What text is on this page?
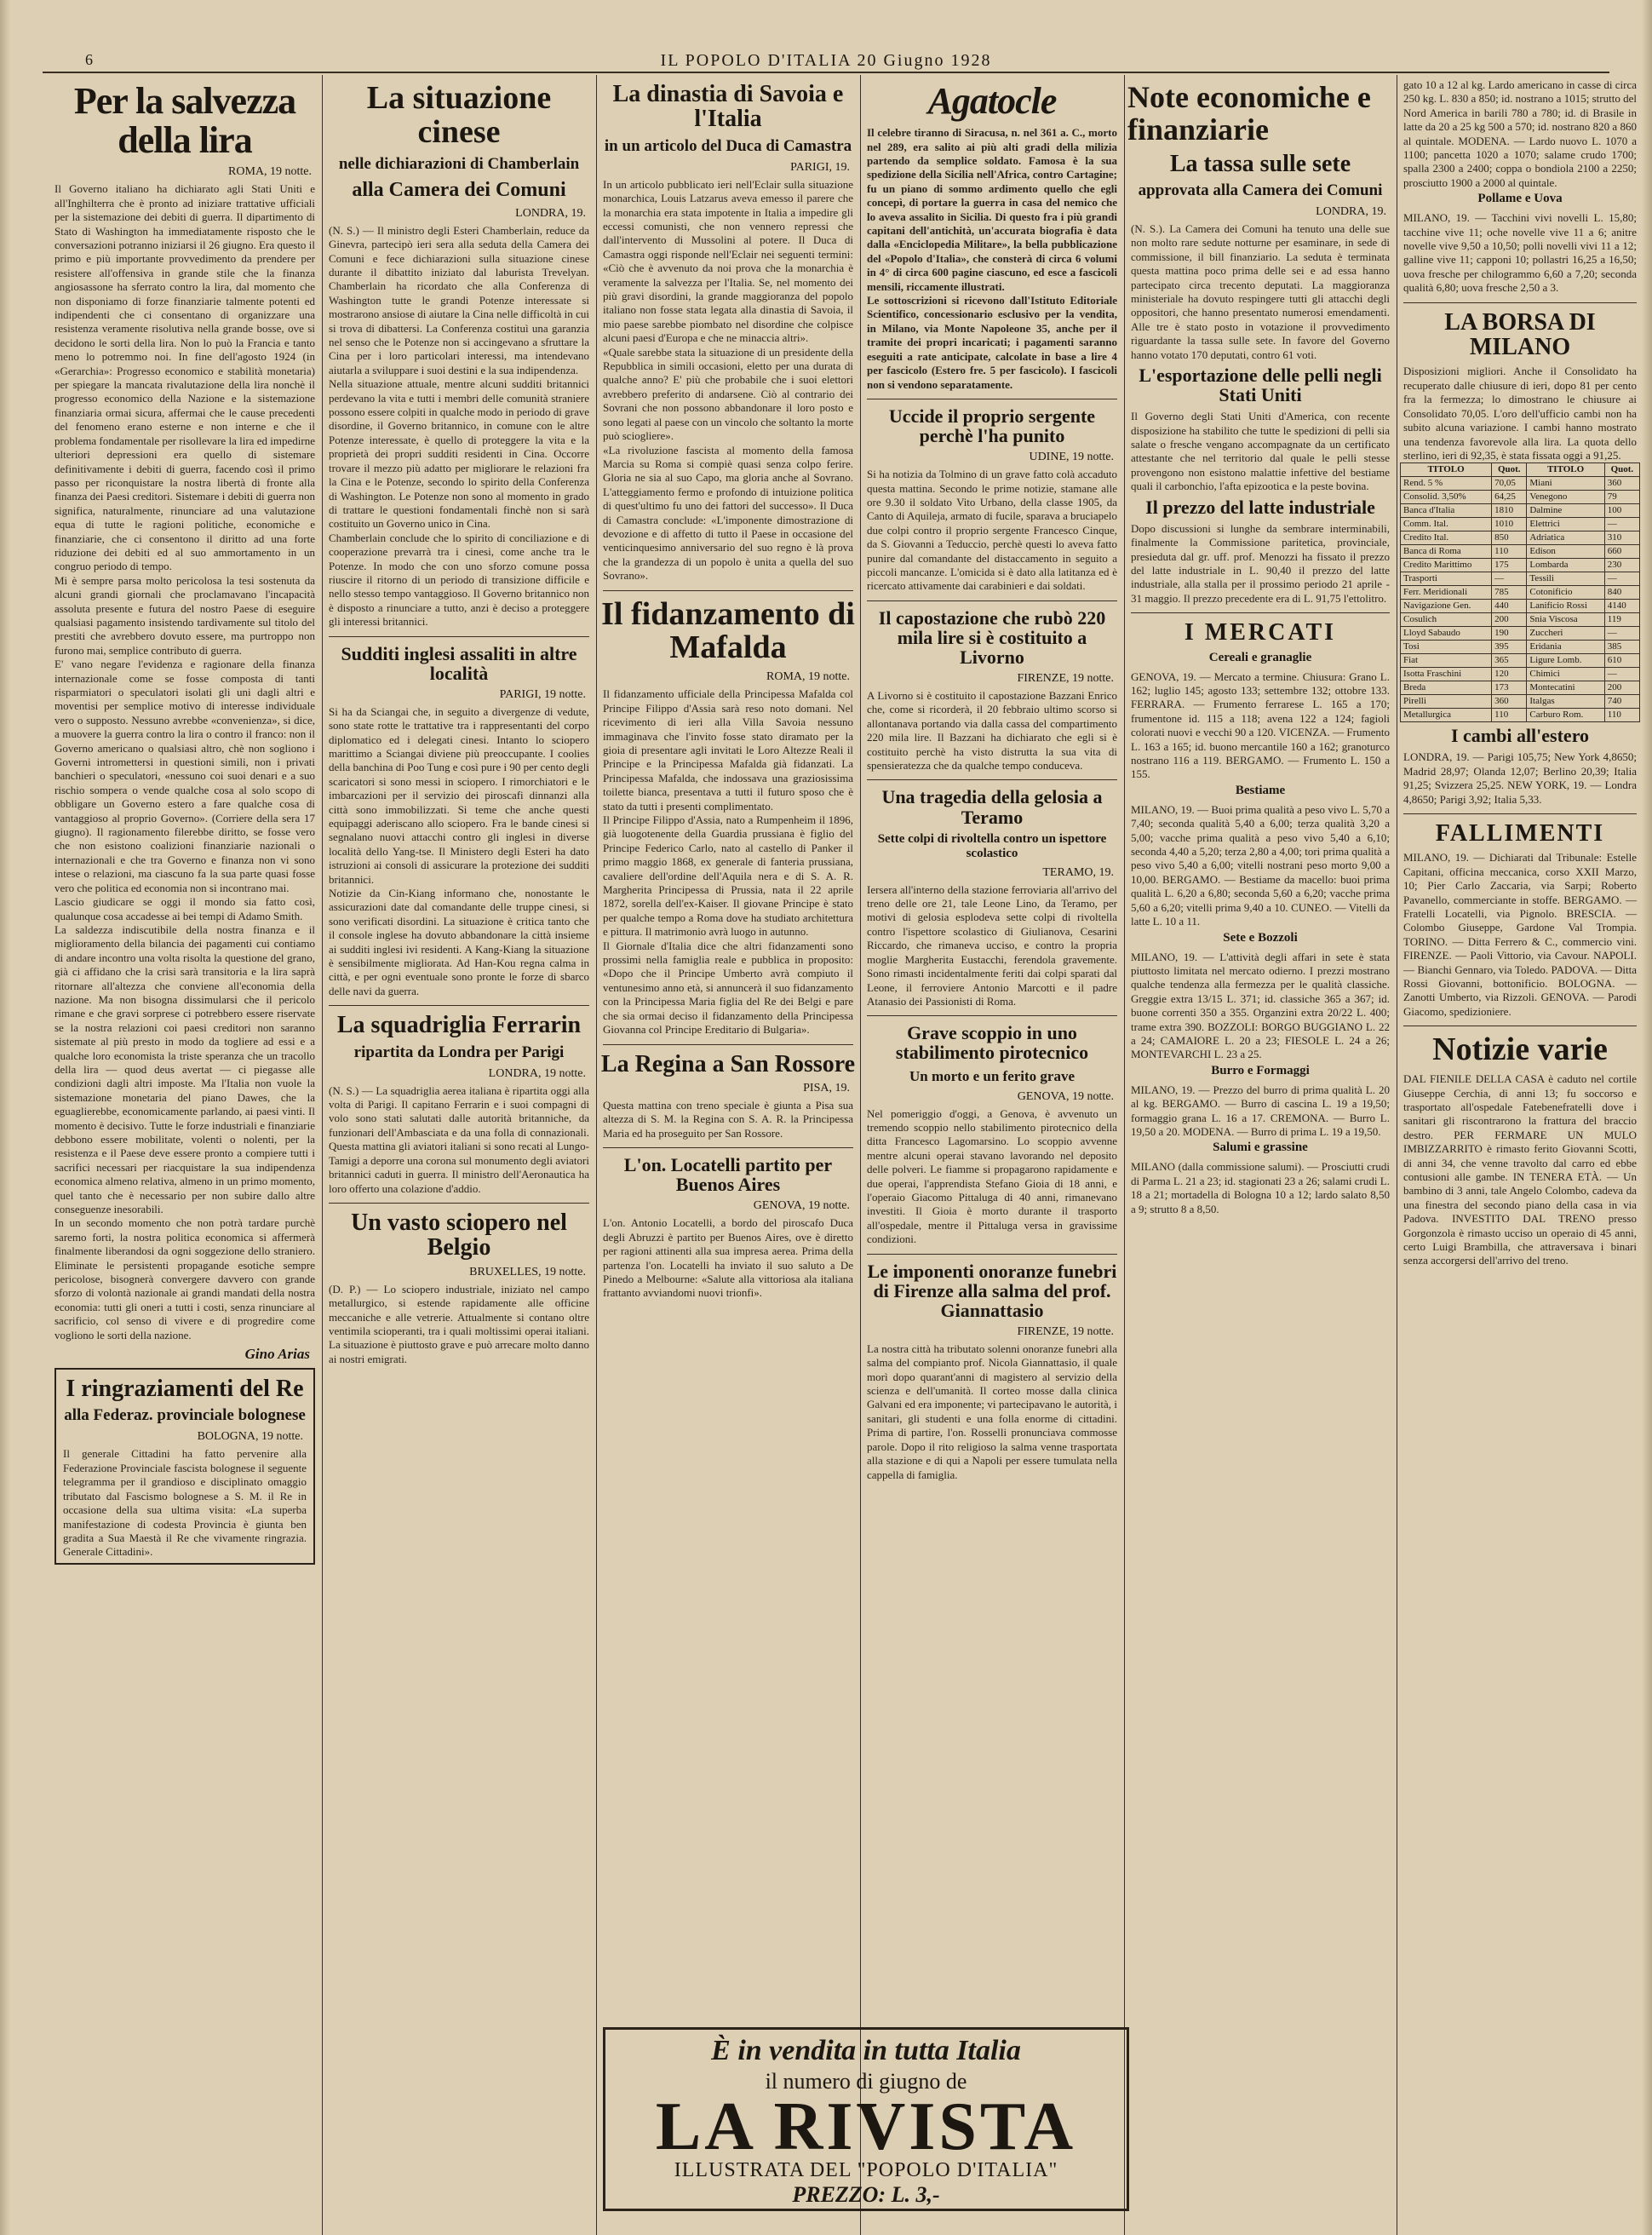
6	IL POPOLO D'ITALIA 20 Giugno 1928
Per la salvezza della lira
ROMA, 19 notte.

Il Governo italiano ha dichiarato agli Stati Uniti e all'Inghilterra che è pronto ad iniziare trattative ufficiali per la sistemazione dei debiti di guerra. Il dipartimento di Stato di Washington ha immediatamente risposto che le conversazioni potranno iniziarsi il 26 giugno. Era questo il primo e più importante provvedimento da prendere per resistere all'offensiva in grande stile che la finanza angiosassone ha sferrato contro la lira, dal momento che non disponiamo di forze finanziarie talmente potenti ed indipendenti che ci consentano di organizzare una resistenza veramente risolutiva nella grande bosse, ove si decidono le sorti della lira. Non lo può la Francia e tanto meno lo potremmo noi. In fine dell'agosto 1924 (in «Gerarchia»: Progresso economico e stabilità monetaria) per spiegare la mancata rivalutazione della lira nonchè il progresso economico della Nazione e la sistemazione finanziaria ormai sicura, affermai che le cause precedenti del fenomeno erano esterne e non interne e che il problema fondamentale per risollevare la lira ed impedirne ulteriori depressioni era quello di sistemare definitivamente i debiti di guerra, facendo così il primo passo per riconquistare la nostra libertà di fronte alla finanza dei Paesi creditori. Sistemare i debiti di guerra non significa, naturalmente, rinunciare ad una valutazione equa di tutte le ragioni politiche, economiche e finanziarie, che ci consentono il diritto ad una forte riduzione dei debiti ed al suo ammortamento in un congruo periodo di tempo.

Mi è sempre parsa molto pericolosa la tesi sostenuta da alcuni grandi giornali che proclamavano l'incapacità assoluta presente e futura del nostro Paese di eseguire qualsiasi pagamento insistendo tardivamente sul titolo del prestiti che avrebbero dovuto essere, ma purtroppo non furono mai, semplice contributo di guerra.

E' vano negare l'evidenza e ragionare della finanza internazionale come se fosse composta di tanti risparmiatori o speculatori isolati gli uni dagli altri e moventisi per semplice motivo di interesse individuale vero o supposto. Nessuno avrebbe «convenienza», si dice, a muovere la guerra contro la lira o contro il franco: non il Governo americano o qualsiasi altro, chè non sogliono i Governi intromettersi in questioni simili, non i privati banchieri o speculatori, «nessuno coi suoi denari e a suo rischio sompera o vende qualche cosa al solo scopo di obbligare un Governo estero a fare qualche cosa di vantaggioso al proprio Governo». (Corriere della sera 17 giugno). Il ragionamento filerebbe diritto, se fosse vero che non esistono coalizioni finanziarie nazionali o internazionali e che tra Governo e finanza non vi sono intese o relazioni, ma ciascuno fa la sua parte quasi fosse vero che politica ed economia non si incontrano mai.

Lascio giudicare se oggi il mondo sia fatto così, qualunque cosa accadesse ai bei tempi di Adamo Smith.

La saldezza indiscutibile della nostra finanza e il miglioramento della bilancia dei pagamenti cui contiamo di andare incontro una volta risolta la questione del grano, già ci affidano che la crisi sarà transitoria e la lira saprà ritornare all'altezza che conviene all'economia della nazione. Ma non bisogna dissimularsi che il pericolo rimane e che gravi sorprese ci potrebbero essere riservate se la nostra relazioni coi paesi creditori non saranno sistemate al più presto in modo da togliere ad essi e a qualche loro economista la triste speranza che un tracollo della lira — quod deus avertat — ci piegasse alle condizioni dagli altri imposte. Ma l'Italia non vuole la sistemazione monetaria del piano Dawes, che la eguaglierebbe, economicamente parlando, ai paesi vinti. Il momento è decisivo. Tutte le forze industriali e finanziarie debbono essere mobilitate, volenti o nolenti, per la resistenza e il Paese deve essere pronto a compiere tutti i sacrifici necessari per riacquistare la sua indipendenza economica almeno relativa, almeno in un primo momento, quel tanto che è necessario per non subire dallo altre conseguenze inesorabili.

In un secondo momento che non potrà tardare purchè saremo forti, la nostra politica economica si affermerà finalmente liberandosi da ogni soggezione dello straniero. Eliminate le persistenti propagande esotiche sempre pericolose, bisognerà convergere davvero con grande sforzo di volontà nazionale ai grandi mandati della nostra economia: tutti gli oneri a tutti i costi, senza rinunciare al sacrificio, col senso di vivere e di progredire come vogliono le sorti della nazione.

Gino Arias
I ringraziamenti del Re
alla Federaz. provinciale bolognese
BOLOGNA, 19 notte.

Il generale Cittadini ha fatto pervenire alla Federazione Provinciale fascista bolognese il seguente telegramma per il grandioso e disciplinato omaggio tributato dal Fascismo bolognese a S. M. il Re in occasione della sua ultima visita: «La superba manifestazione di codesta Provincia è giunta ben gradita a Sua Maestà il Re che vivamente ringrazia. Generale Cittadini».

La situazione cinese
nelle dichiarazioni di Chamberlain
alla Camera dei Comuni
LONDRA, 19.

(N. S.) — Il ministro degli Esteri Chamberlain, reduce da Ginevra, partecipò ieri sera alla seduta della Camera dei Comuni e fece dichiarazioni sulla situazione cinese durante il dibattito iniziato dal laburista Trevelyan. Chamberlain ha ricordato che alla Conferenza di Washington tutte le grandi Potenze interessate si mostrarono ansiose di aiutare la Cina nelle difficoltà in cui si trova di dibattersi. La Conferenza costituì una garanzia nel senso che le Potenze non si accingevano a sfruttare la Cina per i loro particolari interessi, ma intendevano aiutarla a sviluppare i suoi destini e la sua indipendenza.

Nella situazione attuale, mentre alcuni sudditi britannici perdevano la vita e tutti i membri delle comunità straniere possono essere colpiti in qualche modo in periodo di grave disordine, il Governo britannico, in comune con le altre Potenze interessate, è quello di proteggere la vita e la proprietà dei propri sudditi residenti in Cina. Occorre trovare il mezzo più adatto per migliorare le relazioni fra la Cina e le Potenze, secondo lo spirito della Conferenza di Washington. Le Potenze non sono al momento in grado di trattare le questioni fondamentali finchè non si sarà costituito un Governo unico in Cina.

Chamberlain conclude che lo spirito di conciliazione e di cooperazione prevarrà tra i cinesi, come anche tra le Potenze. In modo che con uno sforzo comune possa riuscire il ritorno di un periodo di transizione difficile e nello stesso tempo vantaggioso. Il Governo britannico non è disposto a rinunciare a tutto, anzi è deciso a proteggere gli interessi britannici.

Sudditi inglesi assaliti in altre località
PARIGI, 19 notte.

Si ha da Sciangai che, in seguito a divergenze di vedute, sono state rotte le trattative tra i rappresentanti del corpo diplomatico ed i delegati cinesi. Intanto lo sciopero marittimo a Sciangai diviene più preoccupante. I coolies della banchina di Poo Tung e così pure i 90 per cento degli scaricatori si sono messi in sciopero. I rimorchiatori e le imbarcazioni per il servizio dei piroscafi dinnanzi alla città sono immobilizzati. Si teme che anche questi equipaggi aderiscano allo sciopero. Fra le bande cinesi si segnalano nuovi attacchi contro gli inglesi in diverse località dello Yang-tse. Il Ministero degli Esteri ha dato istruzioni ai consoli di assicurare la protezione dei sudditi britannici.

Notizie da Cin-Kiang informano che, nonostante le assicurazioni date dal comandante delle truppe cinesi, si sono verificati disordini. La situazione è critica tanto che il console inglese ha dovuto abbandonare la città insieme ai sudditi inglesi ivi residenti. A Kang-Kiang la situazione è sensibilmente migliorata. Ad Han-Kou regna calma in città, e per ogni eventuale sono pronte le forze di sbarco delle navi da guerra.

La squadriglia Ferrarin
ripartita da Londra per Parigi
LONDRA, 19 notte.

(N. S.) — La squadriglia aerea italiana è ripartita oggi alla volta di Parigi. Il capitano Ferrarin e i suoi compagni di volo sono stati salutati dalle autorità britanniche, da funzionari dell'Ambasciata e da una folla di connazionali. Questa mattina gli aviatori italiani si sono recati al Lungo-Tamigi a deporre una corona sul monumento degli aviatori britannici caduti in guerra. Il ministro dell'Aeronautica ha loro offerto una colazione d'addio.

Un vasto sciopero nel Belgio
BRUXELLES, 19 notte.

(D. P.) — Lo sciopero industriale, iniziato nel campo metallurgico, si estende rapidamente alle officine meccaniche e alle vetrerie. Attualmente si contano oltre ventimila scioperanti, tra i quali moltissimi operai italiani. La situazione è piuttosto grave e può arrecare molto danno ai nostri emigrati.

La dinastia di Savoia e l'Italia
in un articolo del Duca di Camastra
PARIGI, 19.

In un articolo pubblicato ieri nell'Eclair sulla situazione monarchica, Louis Latzarus aveva emesso il parere che la monarchia era stata impotente in Italia a impedire gli eccessi comunisti, che non vennero repressi che dall'intervento di Mussolini al potere. Il Duca di Camastra oggi risponde nell'Eclair nei seguenti termini: «Ciò che è avvenuto da noi prova che la monarchia è veramente la salvezza per l'Italia. Se, nel momento dei più gravi disordini, la grande maggioranza del popolo italiano non fosse stata legata alla dinastia di Savoia, il mio paese sarebbe piombato nel disordine che colpisce alcuni paesi d'Europa e che ne minaccia altri».

«Quale sarebbe stata la situazione di un presidente della Repubblica in simili occasioni, eletto per una durata di qualche anno? E' più che probabile che i suoi elettori avrebbero preferito di andarsene. Ciò al contrario dei Sovrani che non possono abbandonare il loro posto e sono legati al paese con un vincolo che soltanto la morte può sciogliere».

«La rivoluzione fascista al momento della famosa Marcia su Roma si compiè quasi senza colpo ferire. Gloria ne sia al suo Capo, ma gloria anche al Sovrano. L'atteggiamento fermo e profondo di intuizione politica di quest'ultimo fu uno dei fattori del successo». Il Duca di Camastra conclude: «L'imponente dimostrazione di devozione e di affetto di tutto il Paese in occasione del venticinquesimo anniversario del suo regno è là prova che la grandezza di un popolo è unita a quella del suo Sovrano».

Il fidanzamento di Mafalda
ROMA, 19 notte.

Il fidanzamento ufficiale della Principessa Mafalda col Principe Filippo d'Assia sarà reso noto domani. Nel ricevimento di ieri alla Villa Savoia nessuno immaginava che l'invito fosse stato diramato per la gioia di presentare agli invitati le Loro Altezze Reali il Principe e la Principessa Mafalda già fidanzati. La Principessa Mafalda, che indossava una graziosissima toilette bianca, presentava a tutti il futuro sposo che è stato da tutti i presenti complimentato.

Il Principe Filippo d'Assia, nato a Rumpenheim il 1896, già luogotenente della Guardia prussiana è figlio del Principe Federico Carlo, nato al castello di Panker il primo maggio 1868, ex generale di fanteria prussiana, cavaliere dell'ordine dell'Aquila nera e di S. A. R. Margherita Principessa di Prussia, nata il 22 aprile 1872, sorella dell'ex-Kaiser. Il giovane Principe è stato per qualche tempo a Roma dove ha studiato architettura e pittura. Il matrimonio avrà luogo in autunno.

Il Giornale d'Italia dice che altri fidanzamenti sono prossimi nella famiglia reale e pubblica in proposito: «Dopo che il Principe Umberto avrà compiuto il ventunesimo anno età, si annuncerà il suo fidanzamento con la Principessa Maria figlia del Re dei Belgi e pare che sia ormai deciso il fidanzamento della Principessa Giovanna col Principe Ereditario di Bulgaria».

La Regina a San Rossore
PISA, 19.

Questa mattina con treno speciale è giunta a Pisa sua altezza di S. M. la Regina con S. A. R. la Principessa Maria ed ha proseguito per San Rossore.

L'on. Locatelli partito per Buenos Aires
GENOVA, 19 notte.

L'on. Antonio Locatelli, a bordo del piroscafo Duca degli Abruzzi è partito per Buenos Aires, ove è diretto per ragioni attinenti alla sua impresa aerea. Prima della partenza l'on. Locatelli ha inviato il suo saluto a De Pinedo a Melbourne: «Salute alla vittoriosa ala italiana frattanto avviandomi nuovi trionfi».

Agatocle

Il celebre tiranno di Siracusa, n. nel 361 a. C., morto nel 289, era salito ai più alti gradi della milizia partendo da semplice soldato. Famosa è la sua spedizione della Sicilia nell'Africa, contro Cartagine; fu un piano di sommo ardimento quello che egli concepì, di portare la guerra in casa del nemico che lo aveva assalito in Sicilia. Di questo fra i più grandi capitani dell'antichità, un'accurata biografia è data dalla «Enciclopedia Militare», la bella pubblicazione del «Popolo d'Italia», che consterà di circa 6 volumi in 4° di circa 600 pagine ciascuno, ed esce a fascicoli mensili, riccamente illustrati.

Le sottoscrizioni si ricevono dall'Istituto Editoriale Scientifico, concessionario esclusivo per la vendita, in Milano, via Monte Napoleone 35, anche per il tramite dei propri incaricati; i pagamenti saranno eseguiti a rate anticipate, calcolate in base a lire 4 per fascicolo (Estero fre. 5 per fascicolo). I fascicoli non si vendono separatamente.

Uccide il proprio sergente perchè l'ha punito
UDINE, 19 notte.

Si ha notizia da Tolmino di un grave fatto colà accaduto questa mattina. Secondo le prime notizie, stamane alle ore 9.30 il soldato Vito Urbano, della classe 1905, da Canto di Aquileja, armato di fucile, sparava a bruciapelo due colpi contro il proprio sergente Francesco Cinque, da S. Giovanni a Teduccio, perchè questi lo aveva fatto punire dal comandante del distaccamento in seguito a piccoli mancanze. L'omicida si è dato alla latitanza ed è ricercato attivamente dai carabinieri e dai soldati.

Il capostazione che rubò 220 mila lire si è costituito a Livorno
FIRENZE, 19 notte.

A Livorno si è costituito il capostazione Bazzani Enrico che, come si ricorderà, il 20 febbraio ultimo scorso si allontanava portando via dalla cassa del compartimento 220 mila lire. Il Bazzani ha dichiarato che egli si è costituito perchè ha visto distrutta la sua vita di spensieratezza che da qualche tempo conduceva.

Una tragedia della gelosia a Teramo
Sette colpi di rivoltella contro un ispettore scolastico
TERAMO, 19.

Iersera all'interno della stazione ferroviaria all'arrivo del treno delle ore 21, tale Leone Lino, da Teramo, per motivi di gelosia esplodeva sette colpi di rivoltella contro l'ispettore scolastico di Giulianova, Cesarini Riccardo, che rimaneva ucciso, e contro la propria moglie Margherita Eustacchi, ferendola gravemente. Sono rimasti incidentalmente feriti dai colpi sparati dal Leone, il ferroviere Antonio Marcotti e il padre Atanasio dei Passionisti di Roma.

Grave scoppio in uno stabilimento pirotecnico
Un morto e un ferito grave
GENOVA, 19 notte.

Nel pomeriggio d'oggi, a Genova, è avvenuto un tremendo scoppio nello stabilimento pirotecnico della ditta Francesco Lagomarsino. Lo scoppio avvenne mentre alcuni operai stavano lavorando nel deposito delle polveri. Le fiamme si propagarono rapidamente e due operai, l'apprendista Stefano Gioia di 18 anni, e l'operaio Giacomo Pittaluga di 40 anni, rimanevano investiti. Il Gioia è morto durante il trasporto all'ospedale, mentre il Pittaluga versa in gravissime condizioni.

Le imponenti onoranze funebri di Firenze alla salma del prof. Giannattasio
FIRENZE, 19 notte.

La nostra città ha tributato solenni onoranze funebri alla salma del compianto prof. Nicola Giannattasio, il quale morì dopo quarant'anni di magistero al servizio della scienza e dell'umanità. Il corteo mosse dalla clinica Galvani ed era imponente; vi partecipavano le autorità, i sanitari, gli studenti e una folla enorme di cittadini. Prima di partire, l'on. Rosselli pronunciava commosse parole. Dopo il rito religioso la salma venne trasportata alla stazione e di qui a Napoli per essere tumulata nella cappella di famiglia.

È in vendita in tutta Italia
il numero di giugno de
LA RIVISTA
ILLUSTRATA DEL "POPOLO D'ITALIA"
PREZZO: L. 3,-
Note economiche e finanziarie
La tassa sulle sete
approvata alla Camera dei Comuni
LONDRA, 19.

(N. S.). La Camera dei Comuni ha tenuto una delle sue non molto rare sedute notturne per esaminare, in sede di commissione, il bill finanziario. La seduta è terminata questa mattina poco prima delle sei e ad essa hanno partecipato circa trecento deputati. La maggioranza ministeriale ha dovuto respingere tutti gli attacchi degli oppositori, che hanno presentato numerosi emendamenti. Alle tre è stato posto in votazione il provvedimento riguardante la tassa sulle sete. In favore del Governo hanno votato 170 deputati, contro 61 voti.

L'esportazione delle pelli negli Stati Uniti

Il Governo degli Stati Uniti d'America, con recente disposizione ha stabilito che tutte le spedizioni di pelli sia salate o fresche vengano accompagnate da un certificato attestante che nel territorio dal quale le pelli stesse provengono non esistono malattie infettive del bestiame quali il carbonchio, l'afta epizootica e la peste bovina.

Il prezzo del latte industriale

Dopo discussioni si lunghe da sembrare interminabili, finalmente la Commissione paritetica, provinciale, presieduta dal gr. uff. prof. Menozzi ha fissato il prezzo del latte industriale in L. 90,40 il prezzo del latte industriale, alla stalla per il prossimo periodo 21 aprile - 31 maggio. Il prezzo precedente era di L. 91,75 l'ettolitro.

I MERCATI
Cereali e granaglie

GENOVA, 19. — Mercato a termine. Chiusura: Grano L. 162; luglio 145; agosto 133; settembre 132; ottobre 133. FERRARA. — Frumento ferrarese L. 165 a 170; frumentone id. 115 a 118; avena 122 a 124; fagioli colorati nuovi e vecchi 90 a 120. VICENZA. — Frumento L. 163 a 165; id. buono mercantile 160 a 162; granoturco nostrano 116 a 119. BERGAMO. — Frumento L. 150 a 155.

Bestiame

MILANO, 19. — Buoi prima qualità a peso vivo L. 5,70 a 7,40; seconda qualità 5,40 a 6,00; terza qualità 3,20 a 5,00; vacche prima qualità a peso vivo 5,40 a 6,10; seconda 4,40 a 5,20; terza 2,80 a 4,00; tori prima qualità a peso vivo 5,40 a 6,00; vitelli nostrani peso morto 9,00 a 10,00. BERGAMO. — Bestiame da macello: buoi prima qualità L. 6,20 a 6,80; seconda 5,60 a 6,20; vacche prima 5,60 a 6,20; vitelli prima 9,40 a 10. CUNEO. — Vitelli da latte L. 10 a 11.

Sete e Bozzoli

MILANO, 19. — L'attività degli affari in sete è stata piuttosto limitata nel mercato odierno. I prezzi mostrano qualche tendenza alla fermezza per le qualità classiche. Greggie extra 13/15 L. 371; id. classiche 365 a 367; id. buone correnti 350 a 355. Organzini extra 20/22 L. 400; trame extra 390. BOZZOLI: BORGO BUGGIANO L. 22 a 24; CAMAIORE L. 20 a 23; FIESOLE L. 24 a 26; MONTEVARCHI L. 23 a 25.

Burro e Formaggi

MILANO, 19. — Prezzo del burro di prima qualità L. 20 al kg. BERGAMO. — Burro di cascina L. 19 a 19,50; formaggio grana L. 16 a 17. CREMONA. — Burro L. 19,50 a 20. MODENA. — Burro di prima L. 19 a 19,50.

Salumi e grassine

MILANO (dalla commissione salumi). — Prosciutti crudi di Parma L. 21 a 23; id. stagionati 23 a 26; salami crudi L. 18 a 21; mortadella di Bologna 10 a 12; lardo salato 8,50 a 9; strutto 8 a 8,50.

gato 10 a 12 al kg. Lardo americano in casse di circa 250 kg. L. 830 a 850; id. nostrano a 1015; strutto del Nord America in barili 780 a 780; id. di Brasile in latte da 20 a 25 kg 500 a 570; id. nostrano 820 a 860 al quintale. MODENA. — Lardo nuovo L. 1070 a 1100; pancetta 1020 a 1070; salame crudo 1700; spalla 2300 a 2400; coppa o bondiola 2100 a 2250; prosciutto 1900 a 2000 al quintale.

Pollame e Uova

MILANO, 19. — Tacchini vivi novelli L. 15,80; tacchine vive 11; oche novelle vive 11 a 6; anitre novelle vive 9,50 a 10,50; polli novelli vivi 11 a 12; galline vive 11; capponi 10; pollastri 16,25 a 16,50; uova fresche per chilogrammo 6,60 a 7,20; seconda qualità 6,80; uova fresche 2,50 a 3.

LA BORSA DI MILANO

Disposizioni migliori. Anche il Consolidato ha recuperato dalle chiusure di ieri, dopo 81 per cento fra la fermezza; lo dimostrano le chiusure ai Consolidato 70,05. L'oro dell'ufficio cambi non ha subito alcuna variazione. I cambi hanno mostrato una tendenza favorevole alla lira. La quota dello sterlino, ieri di 92,35, è stata fissata oggi a 91,25.

TITOLO	Quot.	TITOLO	Quot.
Rend. 5 %	70,05	Miani	360
Consolid. 3,50%	64,25	Venegono	79
Banca d'Italia	1810	Dalmine	100
Comm. Ital.	1010	Elettrici	—
Credito Ital.	850	Adriatica	310
Banca di Roma	110	Edison	660
Credito Marittimo	175	Lombarda	230
Trasporti	—	Tessili	—
Ferr. Meridionali	785	Cotonificio	840
Navigazione Gen.	440	Lanificio Rossi	4140
Cosulich	200	Snia Viscosa	119
Lloyd Sabaudo	190	Zuccheri	—
Tosi	395	Eridania	385
Fiat	365	Ligure Lomb.	610
Isotta Fraschini	120	Chimici	—
Breda	173	Montecatini	200
Pirelli	360	Italgas	740
Metallurgica	110	Carburo Rom.	110
I cambi all'estero

LONDRA, 19. — Parigi 105,75; New York 4,8650; Madrid 28,97; Olanda 12,07; Berlino 20,39; Italia 91,25; Svizzera 25,25. NEW YORK, 19. — Londra 4,8650; Parigi 3,92; Italia 5,33.

FALLIMENTI

MILANO, 19. — Dichiarati dal Tribunale: Estelle Capitani, officina meccanica, corso XXII Marzo, 10; Pier Carlo Zaccaria, via Sarpi; Roberto Pavanello, commerciante in stoffe. BERGAMO. — Fratelli Locatelli, via Pignolo. BRESCIA. — Colombo Giuseppe, Gardone Val Trompia. TORINO. — Ditta Ferrero & C., commercio vini. FIRENZE. — Paoli Vittorio, via Cavour. NAPOLI. — Bianchi Gennaro, via Toledo. PADOVA. — Ditta Rossi Giovanni, bottonificio. BOLOGNA. — Zanotti Umberto, via Rizzoli. GENOVA. — Parodi Giacomo, spedizioniere.

Notizie varie

DAL FIENILE DELLA CASA è caduto nel cortile Giuseppe Cerchia, di anni 13; fu soccorso e trasportato all'ospedale Fatebenefratelli dove i sanitari gli riscontrarono la frattura del braccio destro. PER FERMARE UN MULO IMBIZZARRITO è rimasto ferito Giovanni Scotti, di anni 34, che venne travolto dal carro ed ebbe contusioni alle gambe. IN TENERA ETÀ. — Un bambino di 3 anni, tale Angelo Colombo, cadeva da una finestra del secondo piano della casa in via Padova. INVESTITO DAL TRENO presso Gorgonzola è rimasto ucciso un operaio di 45 anni, certo Luigi Brambilla, che attraversava i binari senza accorgersi dell'arrivo del treno.
